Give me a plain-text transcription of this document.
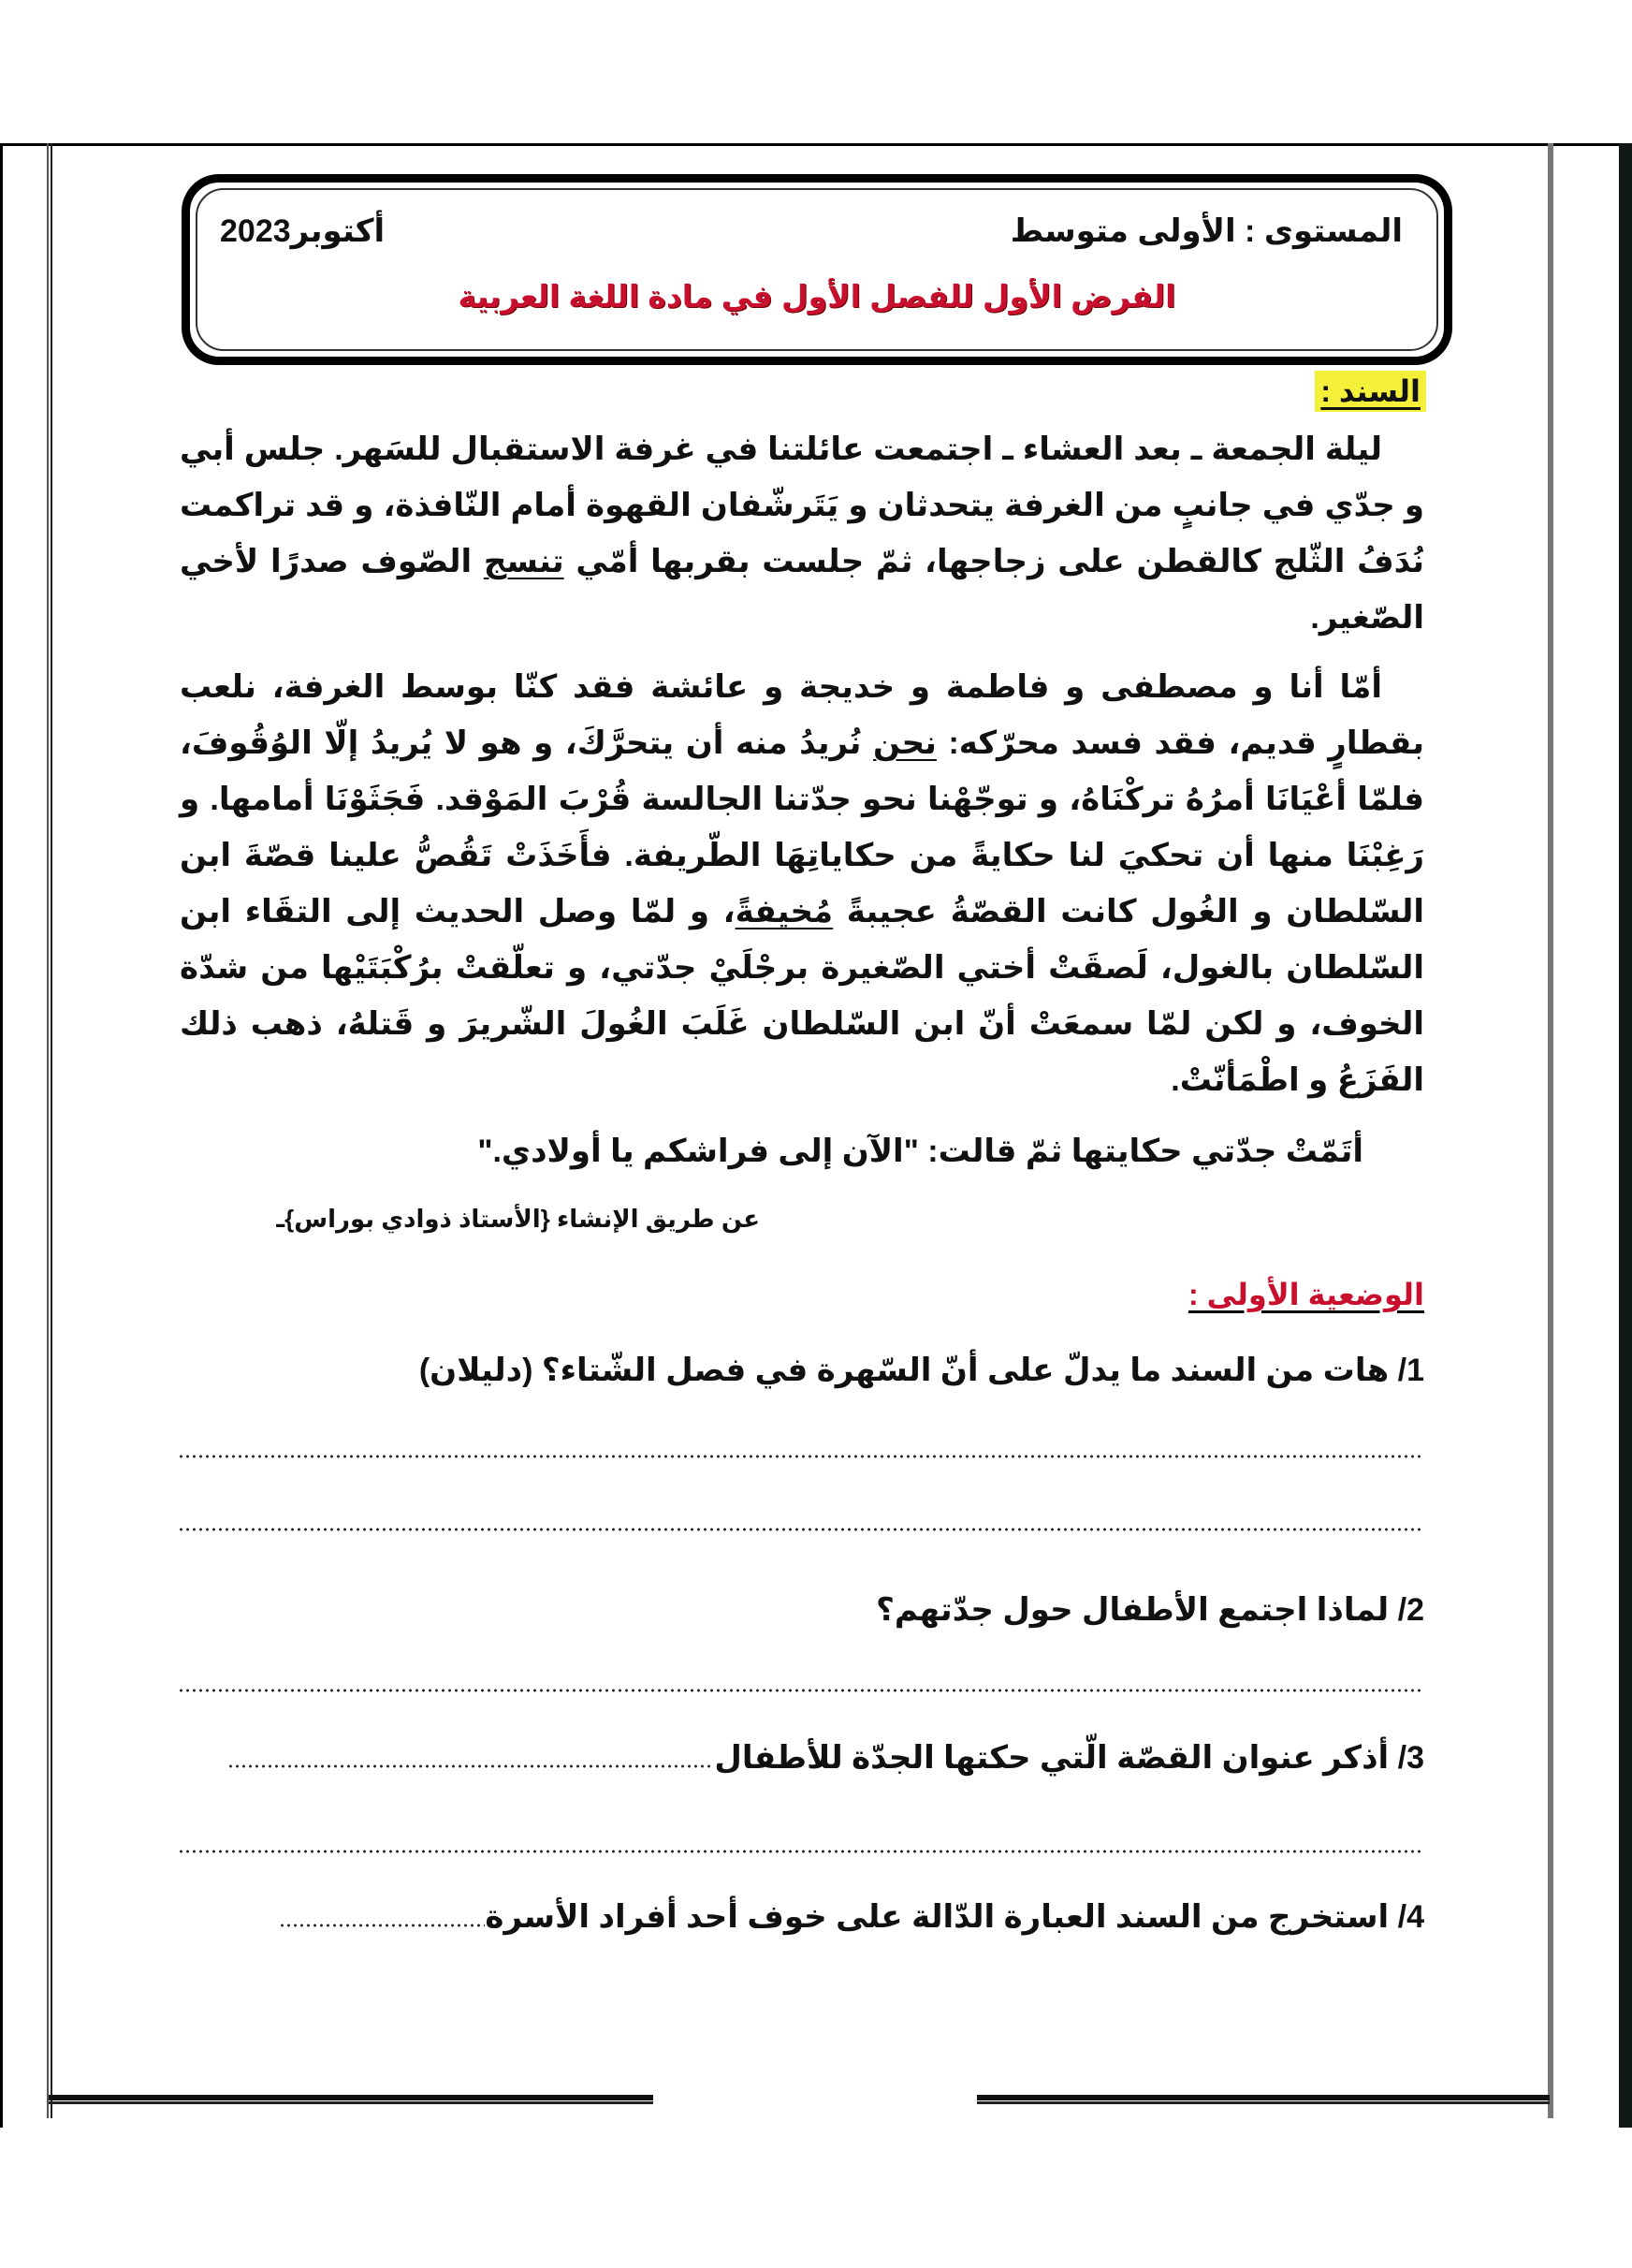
المستوى : الأولى متوسط
أكتوبر2023
الفرض الأول للفصل الأول في مادة اللغة العربية
السند :
ليلة الجمعة ـ بعد العشاء ـ اجتمعت عائلتنا في غرفة الاستقبال للسَهر. جلس أبي و جدّي في جانبٍ من الغرفة يتحدثان و يَتَرشّفان القهوة أمام النّافذة، و قد تراكمت نُدَفُ الثّلج كالقطن على زجاجها، ثمّ جلست بقربها أمّي تنسج الصّوف صدرًا لأخي الصّغير.
أمّا أنا و مصطفى و فاطمة و خديجة و عائشة فقد كنّا بوسط الغرفة، نلعب بقطارٍ قديم، فقد فسد محرّكه: نحن نُريدُ منه أن يتحرَّكَ، و هو لا يُريدُ إلّا الوُقُوفَ، فلمّا أعْيَانَا أمرُهُ تركْنَاهُ، و توجّهْنا نحو جدّتنا الجالسة قُرْبَ المَوْقد. فَجَثَوْنَا أمامها. و رَغِبْنَا منها أن تحكيَ لنا حكايةً من حكاياتِهَا الطّريفة. فأَخَذَتْ تَقُصُّ علينا قصّةَ ابن السّلطان و الغُول كانت القصّةُ عجيبةً مُخيفةً، و لمّا وصل الحديث إلى التقَاء ابن السّلطان بالغول، لَصقَتْ أختي الصّغيرة برجْلَيْ جدّتي، و تعلّقتْ برُكْبَتَيْها من شدّة الخوف، و لكن لمّا سمعَتْ أنّ ابن السّلطان غَلَبَ الغُولَ الشّريرَ و قَتلهُ، ذهب ذلك الفَزَعُ و اطْمَأنّتْ.
أتَمّتْ جدّتي حكايتها ثمّ قالت: "الآن إلى فراشكم يا أولادي."
عن طريق الإنشاء {الأستاذ ذوادي بوراس}ـ
الوضعية الأولى :
1/ هات من السند ما يدلّ على أنّ السّهرة في فصل الشّتاء؟ (دليلان)
2/ لماذا اجتمع الأطفال حول جدّتهم؟
3/ أذكر عنوان القصّة الّتي حكتها الجدّة للأطفال
4/ استخرج من السند العبارة الدّالة على خوف أحد أفراد الأسرة
